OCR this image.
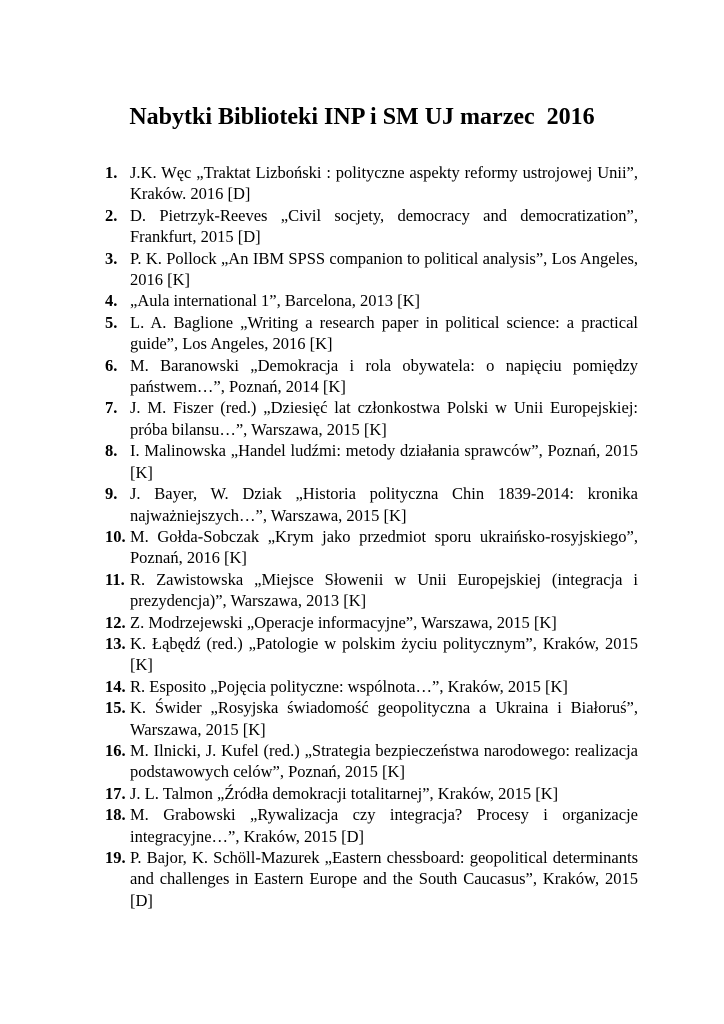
Nabytki Biblioteki INP i SM UJ marzec  2016
1. J.K. Węc „Traktat Lizboński : polityczne aspekty reformy ustrojowej Unii”, Kraków. 2016 [D]
2. D. Pietrzyk-Reeves „Civil socjety, democracy and democratization”, Frankfurt, 2015 [D]
3. P. K. Pollock „An IBM SPSS companion to political analysis”, Los Angeles, 2016 [K]
4. „Aula international 1”, Barcelona, 2013 [K]
5. L. A. Baglione „Writing a research paper in political science: a practical guide”, Los Angeles, 2016 [K]
6. M. Baranowski „Demokracja i rola obywatela: o napięciu pomiędzy państwem…”, Poznań, 2014 [K]
7. J. M. Fiszer (red.) „Dziesięć lat członkostwa Polski w Unii Europejskiej: próba bilansu…”, Warszawa, 2015 [K]
8. I. Malinowska „Handel ludźmi: metody działania sprawców”, Poznań, 2015 [K]
9. J. Bayer, W. Dziak „Historia polityczna Chin 1839-2014: kronika najważniejszych…”, Warszawa, 2015 [K]
10. M. Gołda-Sobczak „Krym jako przedmiot sporu ukraińsko-rosyjskiego”, Poznań, 2016 [K]
11. R. Zawistowska „Miejsce Słowenii w Unii Europejskiej (integracja i prezydencja)”, Warszawa, 2013 [K]
12. Z. Modrzejewski „Operacje informacyjne”, Warszawa, 2015 [K]
13. K. Łąbędź (red.) „Patologie w polskim życiu politycznym”, Kraków, 2015 [K]
14. R. Esposito „Pojęcia polityczne: wspólnota…”, Kraków, 2015 [K]
15. K. Świder „Rosyjska świadomość geopolityczna a Ukraina i Białoruś”, Warszawa, 2015 [K]
16. M. Ilnicki, J. Kufel (red.) „Strategia bezpieczeństwa narodowego: realizacja podstawowych celów”, Poznań, 2015 [K]
17. J. L. Talmon „Źródła demokracji totalitarnej”, Kraków, 2015 [K]
18. M. Grabowski „Rywalizacja czy integracja? Procesy i organizacje integracyjne…”, Kraków, 2015 [D]
19. P. Bajor, K. Schöll-Mazurek „Eastern chessboard: geopolitical determinants and challenges in Eastern Europe and the South Caucasus”, Kraków, 2015 [D]
